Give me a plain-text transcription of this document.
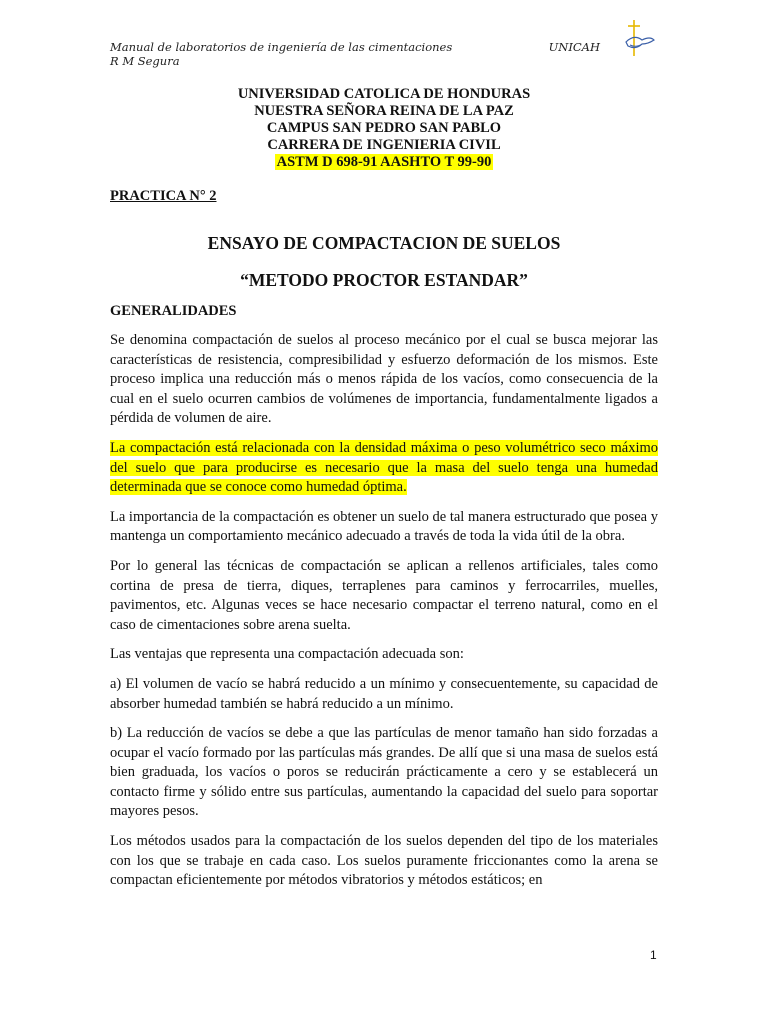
Manual de laboratorios de ingeniería de las cimentaciones	UNICAH
R M Segura
UNIVERSIDAD CATOLICA DE HONDURAS
NUESTRA SEÑORA REINA DE LA PAZ
CAMPUS SAN PEDRO SAN PABLO
CARRERA DE INGENIERIA CIVIL
ASTM D 698-91 AASHTO T 99-90
PRACTICA N° 2
ENSAYO DE COMPACTACION DE SUELOS
“METODO PROCTOR ESTANDAR”
GENERALIDADES

Se denomina compactación de suelos al proceso mecánico por el cual se busca mejorar las características de resistencia, compresibilidad y esfuerzo deformación de los mismos. Este proceso implica una reducción más o menos rápida de los vacíos, como consecuencia de la cual en el suelo ocurren cambios de volúmenes de importancia, fundamentalmente ligados a pérdida de volumen de aire.

La compactación está relacionada con la densidad máxima o peso volumétrico seco máximo del suelo que para producirse es necesario que la masa del suelo tenga una humedad determinada que se conoce como humedad óptima.

La importancia de la compactación es obtener un suelo de tal manera estructurado que posea y mantenga un comportamiento mecánico adecuado a través de toda la vida útil de la obra.

Por lo general las técnicas de compactación se aplican a rellenos artificiales, tales como cortina de presa de tierra, diques, terraplenes para caminos y ferrocarriles, muelles, pavimentos, etc. Algunas veces se hace necesario compactar el terreno natural, como en el caso de cimentaciones sobre arena suelta.

Las ventajas que representa una compactación adecuada son:

a) El volumen de vacío se habrá reducido a un mínimo y consecuentemente, su capacidad de absorber humedad también se habrá reducido a un mínimo.

b) La reducción de vacíos se debe a que las partículas de menor tamaño han sido forzadas a ocupar el vacío formado por las partículas más grandes. De allí que si una masa de suelos está bien graduada, los vacíos o poros se reducirán prácticamente a cero y se establecerá un contacto firme y sólido entre sus partículas, aumentando la capacidad del suelo para soportar mayores pesos.

Los métodos usados para la compactación de los suelos dependen del tipo de los materiales con los que se trabaje en cada caso. Los suelos puramente friccionantes como la arena se compactan eficientemente por métodos vibratorios y métodos estáticos; en

1
